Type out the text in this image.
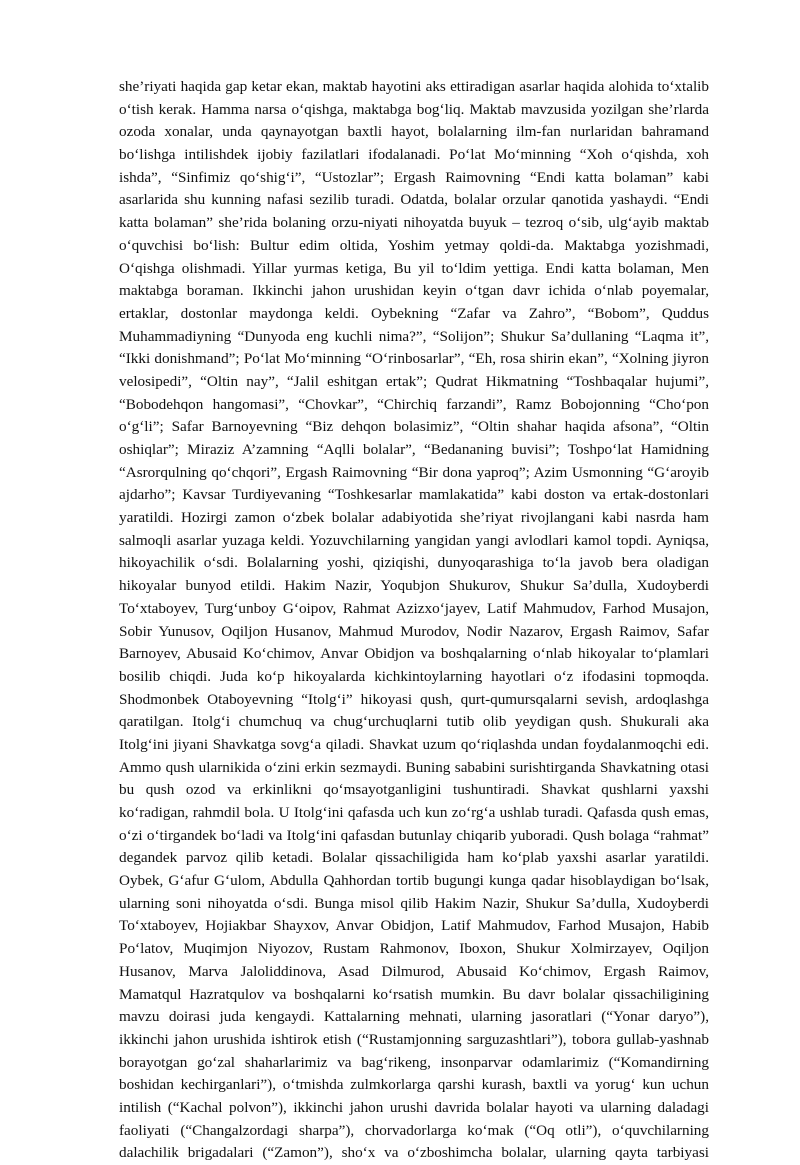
she’riyati haqida gap ketar ekan, maktab hayotini aks ettiradigan asarlar haqida alohida toʻxtalib
oʻtish kerak. Hamma narsa oʻqishga, maktabga bogʻliq. Maktab mavzusida yozilgan she’rlarda
ozoda xonalar, unda qaynayotgan baxtli hayot, bolalarning ilm-fan nurlaridan bahramand
boʻlishga intilishdek ijobiy fazilatlari ifodalanadi. Poʻlat Moʻminning “Xoh oʻqishda, xoh
ishda”, “Sinfimiz qoʻshigʻi”, “Ustozlar”; Ergash Raimovning “Endi katta bolaman” kabi
asarlarida shu kunning nafasi sezilib turadi. Odatda, bolalar orzular qanotida yashaydi. “Endi
katta bolaman” she’rida bolaning orzu-niyati nihoyatda buyuk – tezroq oʻsib, ulgʻayib maktab
oʻquvchisi boʻlish: Bultur edim oltida, Yoshim yetmay qoldi-da. Maktabga yozishmadi,
Oʻqishga olishmadi. Yillar yurmas ketiga, Bu yil toʻldim yettiga. Endi katta bolaman, Men
maktabga boraman. Ikkinchi jahon urushidan keyin oʻtgan davr ichida oʻnlab poyemalar,
ertaklar, dostonlar maydonga keldi. Oybekning “Zafar va Zahro”, “Bobom”, Quddus
Muhammadiyning “Dunyoda eng kuchli nima?”, “Solijon”; Shukur Sa’dullaning “Laqma it”,
“Ikki donishmand”; Poʻlat Moʻminning “Oʻrinbosarlar”, “Eh, rosa shirin ekan”, “Xolning jiyron
velosipedi”, “Oltin nay”, “Jalil eshitgan ertak”; Qudrat Hikmatning “Toshbaqalar hujumi”,
“Bobodehqon hangomasi”, “Chovkar”, “Chirchiq farzandi”, Ramz Bobojonning “Choʻpon
oʻgʻli”; Safar Barnoyevning “Biz dehqon bolasimiz”, “Oltin shahar haqida afsona”, “Oltin
oshiqlar”; Miraziz A’zamning “Aqlli bolalar”, “Bedananing buvisi”; Toshpoʻlat Hamidning
“Asrorqulning qoʻchqori”, Ergash Raimovning “Bir dona yaproq”; Azim Usmonning “Gʻaroyib
ajdarho”; Kavsar Turdiyevaning “Toshkesarlar mamlakatida” kabi doston va ertak-dostonlari
yaratildi. Hozirgi zamon oʻzbek bolalar adabiyotida she’riyat rivojlangani kabi nasrda ham
salmoqli asarlar yuzaga keldi. Yozuvchilarning yangidan yangi avlodlari kamol topdi. Ayniqsa,
hikoyachilik oʻsdi. Bolalarning yoshi, qiziqishi, dunyoqarashiga toʻla javob bera oladigan
hikoyalar bunyod etildi. Hakim Nazir, Yoqubjon Shukurov, Shukur Sa’dulla, Xudoyberdi
Toʻxtaboyev, Turgʻunboy Gʻoipov, Rahmat Azizxoʻjayev, Latif Mahmudov, Farhod Musajon,
Sobir Yunusov, Oqiljon Husanov, Mahmud Murodov, Nodir Nazarov, Ergash Raimov, Safar
Barnoyev, Abusaid Koʻchimov, Anvar Obidjon va boshqalarning oʻnlab hikoyalar toʻplamlari
bosilib chiqdi. Juda koʻp hikoyalarda kichkintoylarning hayotlari oʻz ifodasini topmoqda.
Shodmonbek Otaboyevning “Itolgʻi” hikoyasi qush, qurt-qumursqalarni sevish, ardoqlashga
qaratilgan. Itolgʻi chumchuq va chugʻurchuqlarni tutib olib yeydigan qush. Shukurali aka
Itolgʻini jiyani Shavkatga sovgʻa qiladi. Shavkat uzum qoʻriqlashda undan foydalanmoqchi edi.
Ammo qush ularnikida oʻzini erkin sezmaydi. Buning sababini surishtirganda Shavkatning otasi
bu qush ozod va erkinlikni qoʻmsayotganligini tushuntiradi. Shavkat qushlarni yaxshi
koʻradigan, rahmdil bola. U Itolgʻini qafasda uch kun zoʻrgʻa ushlab turadi. Qafasda qush emas,
oʻzi oʻtirgandek boʻladi va Itolgʻini qafasdan butunlay chiqarib yuboradi. Qush bolaga “rahmat”
degandek parvoz qilib ketadi. Bolalar qissachiligida ham koʻplab yaxshi asarlar yaratildi.
Oybek, Gʻafur Gʻulom, Abdulla Qahhordan tortib bugungi kunga qadar hisoblaydigan boʻlsak,
ularning soni nihoyatda oʻsdi. Bunga misol qilib Hakim Nazir, Shukur Sa’dulla, Xudoyberdi
Toʻxtaboyev, Hojiakbar Shayxov, Anvar Obidjon, Latif Mahmudov, Farhod Musajon, Habib
Poʻlatov, Muqimjon Niyozov, Rustam Rahmonov, Iboxon, Shukur Xolmirzayev, Oqiljon
Husanov, Marva Jaloliddinova, Asad Dilmurod, Abusaid Koʻchimov, Ergash Raimov,
Mamatqul Hazratqulov va boshqalarni koʻrsatish mumkin. Bu davr bolalar qissachiligining
mavzu doirasi juda kengaydi. Kattalarning mehnati, ularning jasoratlari (“Yonar daryo”),
ikkinchi jahon urushida ishtirok etish (“Rustamjonning sarguzashtlari”), tobora gullab-yashnab
borayotgan goʻzal shaharlarimiz va bagʻrikeng, insonparvar odamlarimiz (“Komandirning
boshidan kechirganlari”), oʻtmishda zulmkorlarga qarshi kurash, baxtli va yorugʻ kun uchun
intilish (“Kachal polvon”), ikkinchi jahon urushi davrida bolalar hayoti va ularning daladagi
faoliyati (“Changalzordagi sharpa”), chorvadorlarga koʻmak (“Oq otli”), oʻquvchilarning
dalachilik brigadalari (“Zamon”), shoʻx va oʻzboshimcha bolalar, ularning qayta tarbiyasi
